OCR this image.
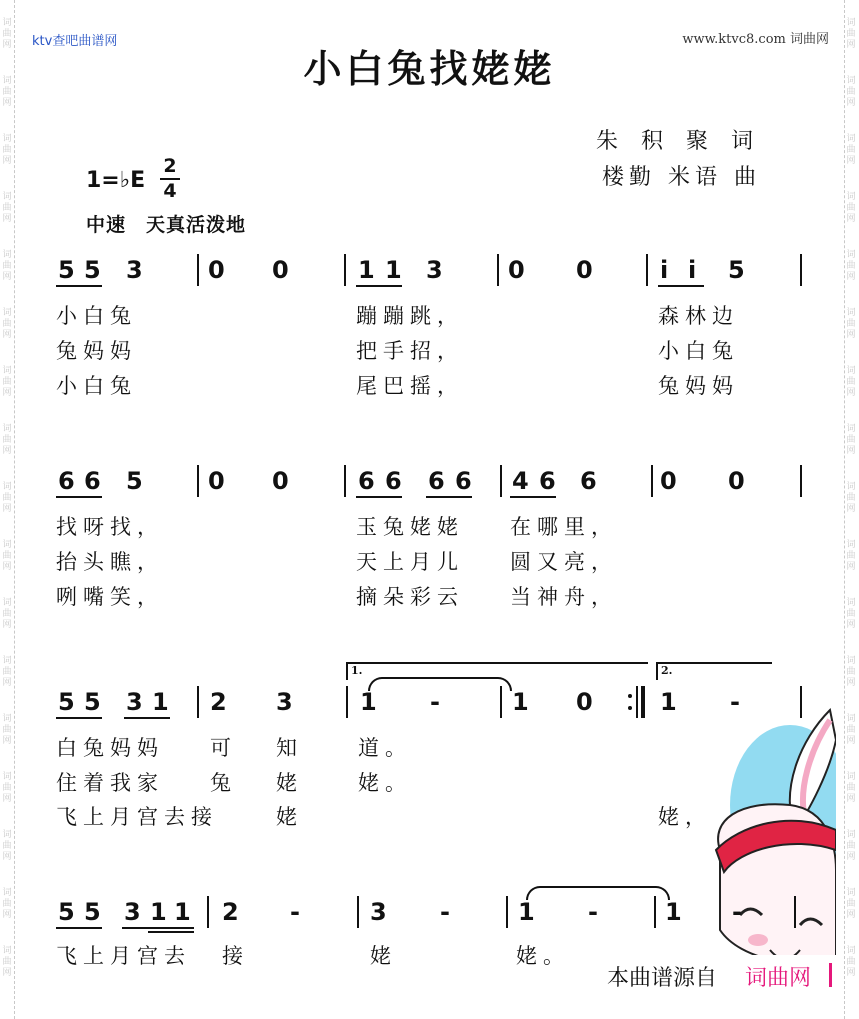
词
曲
网
词
曲
网
词
曲
网
词
曲
网
词
曲
网
词
曲
网
词
曲
网
词
曲
网
词
曲
网
词
曲
网
词
曲
网
词
曲
网
词
曲
网
词
曲
网
词
曲
网
词
曲
网
词
曲
网
词
曲
网
词
曲
网
词
曲
网
词
曲
网
词
曲
网
词
曲
网
词
曲
网
词
曲
网
词
曲
网
词
曲
网
词
曲
网
词
曲
网
词
曲
网
词
曲
网
词
曲
网
词
曲
网
词
曲
网
ktv查吧曲谱网	www.ktvc8.com 词曲网
小白兔找姥姥
朱 积 聚 词
楼勤 米语 曲
1=♭E
2
4
中速　天真活泼地
5 5 3	0 0	1 1 3	0 0	i i 5
小白兔	蹦蹦跳，	森林边
兔妈妈	把手招，	小白兔
小白兔	尾巴摇，	兔妈妈
6 6 5	0 0	6 6 6 6 4 6 6	0 0
找呀找，	玉兔姥姥 在哪里，
抬头瞧，	天上月儿 圆又亮，
咧嘴笑，	摘朵彩云 当神舟，
1.	2.
5 5 3 1 2 3	1 -	1 0	1 -
白兔妈妈 可 知	道。
住着我家 兔 姥	姥。
飞上月宫去接	姥	姥，
5 5 3 1 1 2 -	3 -	1 -	1 -
飞上月宫去 接	姥	姥。
本曲谱源自 词曲网
